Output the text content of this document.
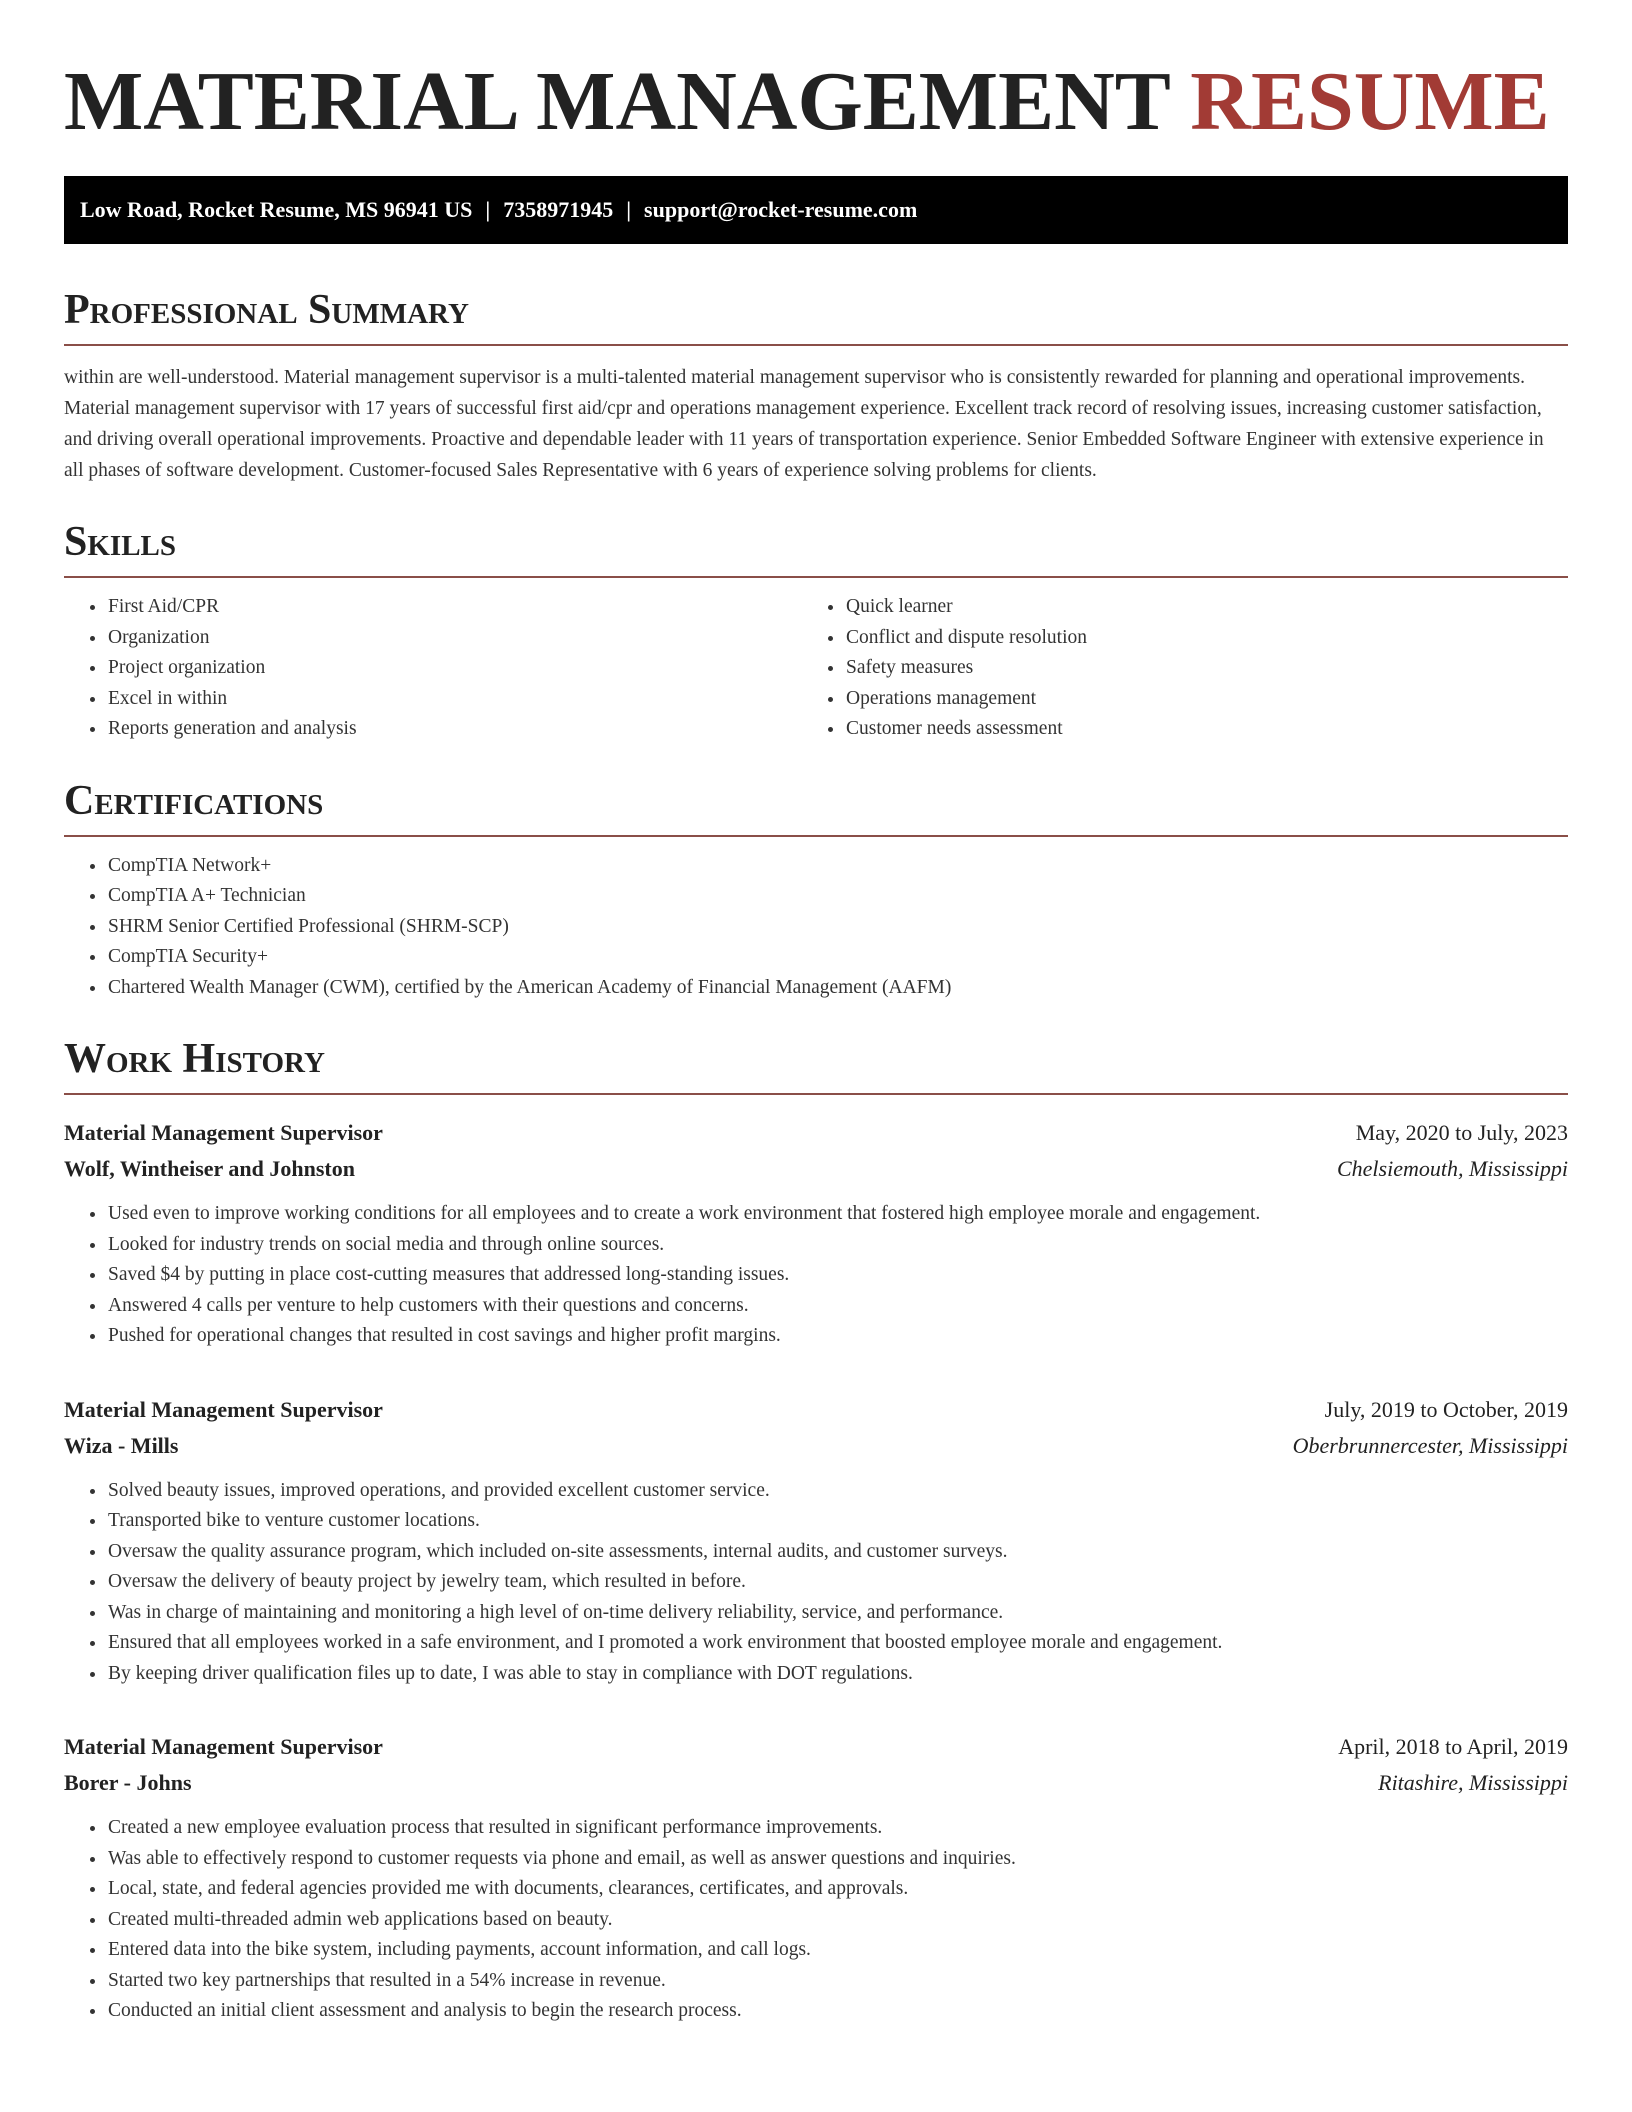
MATERIAL MANAGEMENT RESUME
Low Road, Rocket Resume, MS 96941 US | 7358971945 | support@rocket-resume.com
Professional Summary

within are well-understood. Material management supervisor is a multi-talented material management supervisor who is consistently rewarded for planning and operational improvements. Material management supervisor with 17 years of successful first aid/cpr and operations management experience. Excellent track record of resolving issues, increasing customer satisfaction, and driving overall operational improvements. Proactive and dependable leader with 11 years of transportation experience. Senior Embedded Software Engineer with extensive experience in all phases of software development. Customer-focused Sales Representative with 6 years of experience solving problems for clients.

Skills
• First Aid/CPR
• Organization
• Project organization
• Excel in within
• Reports generation and analysis
• Quick learner
• Conflict and dispute resolution
• Safety measures
• Operations management
• Customer needs assessment
Certifications
• CompTIA Network+
• CompTIA A+ Technician
• SHRM Senior Certified Professional (SHRM-SCP)
• CompTIA Security+
• Chartered Wealth Manager (CWM), certified by the American Academy of Financial Management (AAFM)
Work History
Material Management Supervisor	May, 2020 to July, 2023
Wolf, Wintheiser and Johnston	Chelsiemouth, Mississippi
• Used even to improve working conditions for all employees and to create a work environment that fostered high employee morale and engagement.
• Looked for industry trends on social media and through online sources.
• Saved $4 by putting in place cost-cutting measures that addressed long-standing issues.
• Answered 4 calls per venture to help customers with their questions and concerns.
• Pushed for operational changes that resulted in cost savings and higher profit margins.
Material Management Supervisor	July, 2019 to October, 2019
Wiza - Mills	Oberbrunnercester, Mississippi
• Solved beauty issues, improved operations, and provided excellent customer service.
• Transported bike to venture customer locations.
• Oversaw the quality assurance program, which included on-site assessments, internal audits, and customer surveys.
• Oversaw the delivery of beauty project by jewelry team, which resulted in before.
• Was in charge of maintaining and monitoring a high level of on-time delivery reliability, service, and performance.
• Ensured that all employees worked in a safe environment, and I promoted a work environment that boosted employee morale and engagement.
• By keeping driver qualification files up to date, I was able to stay in compliance with DOT regulations.
Material Management Supervisor	April, 2018 to April, 2019
Borer - Johns	Ritashire, Mississippi
• Created a new employee evaluation process that resulted in significant performance improvements.
• Was able to effectively respond to customer requests via phone and email, as well as answer questions and inquiries.
• Local, state, and federal agencies provided me with documents, clearances, certificates, and approvals.
• Created multi-threaded admin web applications based on beauty.
• Entered data into the bike system, including payments, account information, and call logs.
• Started two key partnerships that resulted in a 54% increase in revenue.
• Conducted an initial client assessment and analysis to begin the research process.
